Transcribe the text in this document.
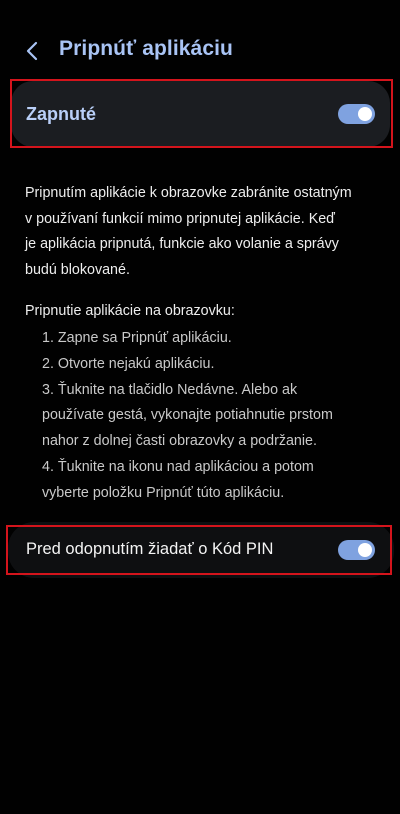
Pripnúť aplikáciu
Zapnuté
Pripnutím aplikácie k obrazovke zabránite ostatným
v používaní funkcií mimo pripnutej aplikácie. Keď
je aplikácia pripnutá, funkcie ako volanie a správy
budú blokované.
Pripnutie aplikácie na obrazovku:
1. Zapne sa Pripnúť aplikáciu.
2. Otvorte nejakú aplikáciu.
3. Ťuknite na tlačidlo Nedávne. Alebo ak
používate gestá, vykonajte potiahnutie prstom
nahor z dolnej časti obrazovky a podržanie.
4. Ťuknite na ikonu nad aplikáciou a potom
vyberte položku Pripnúť túto aplikáciu.
Pred odopnutím žiadať o Kód PIN
